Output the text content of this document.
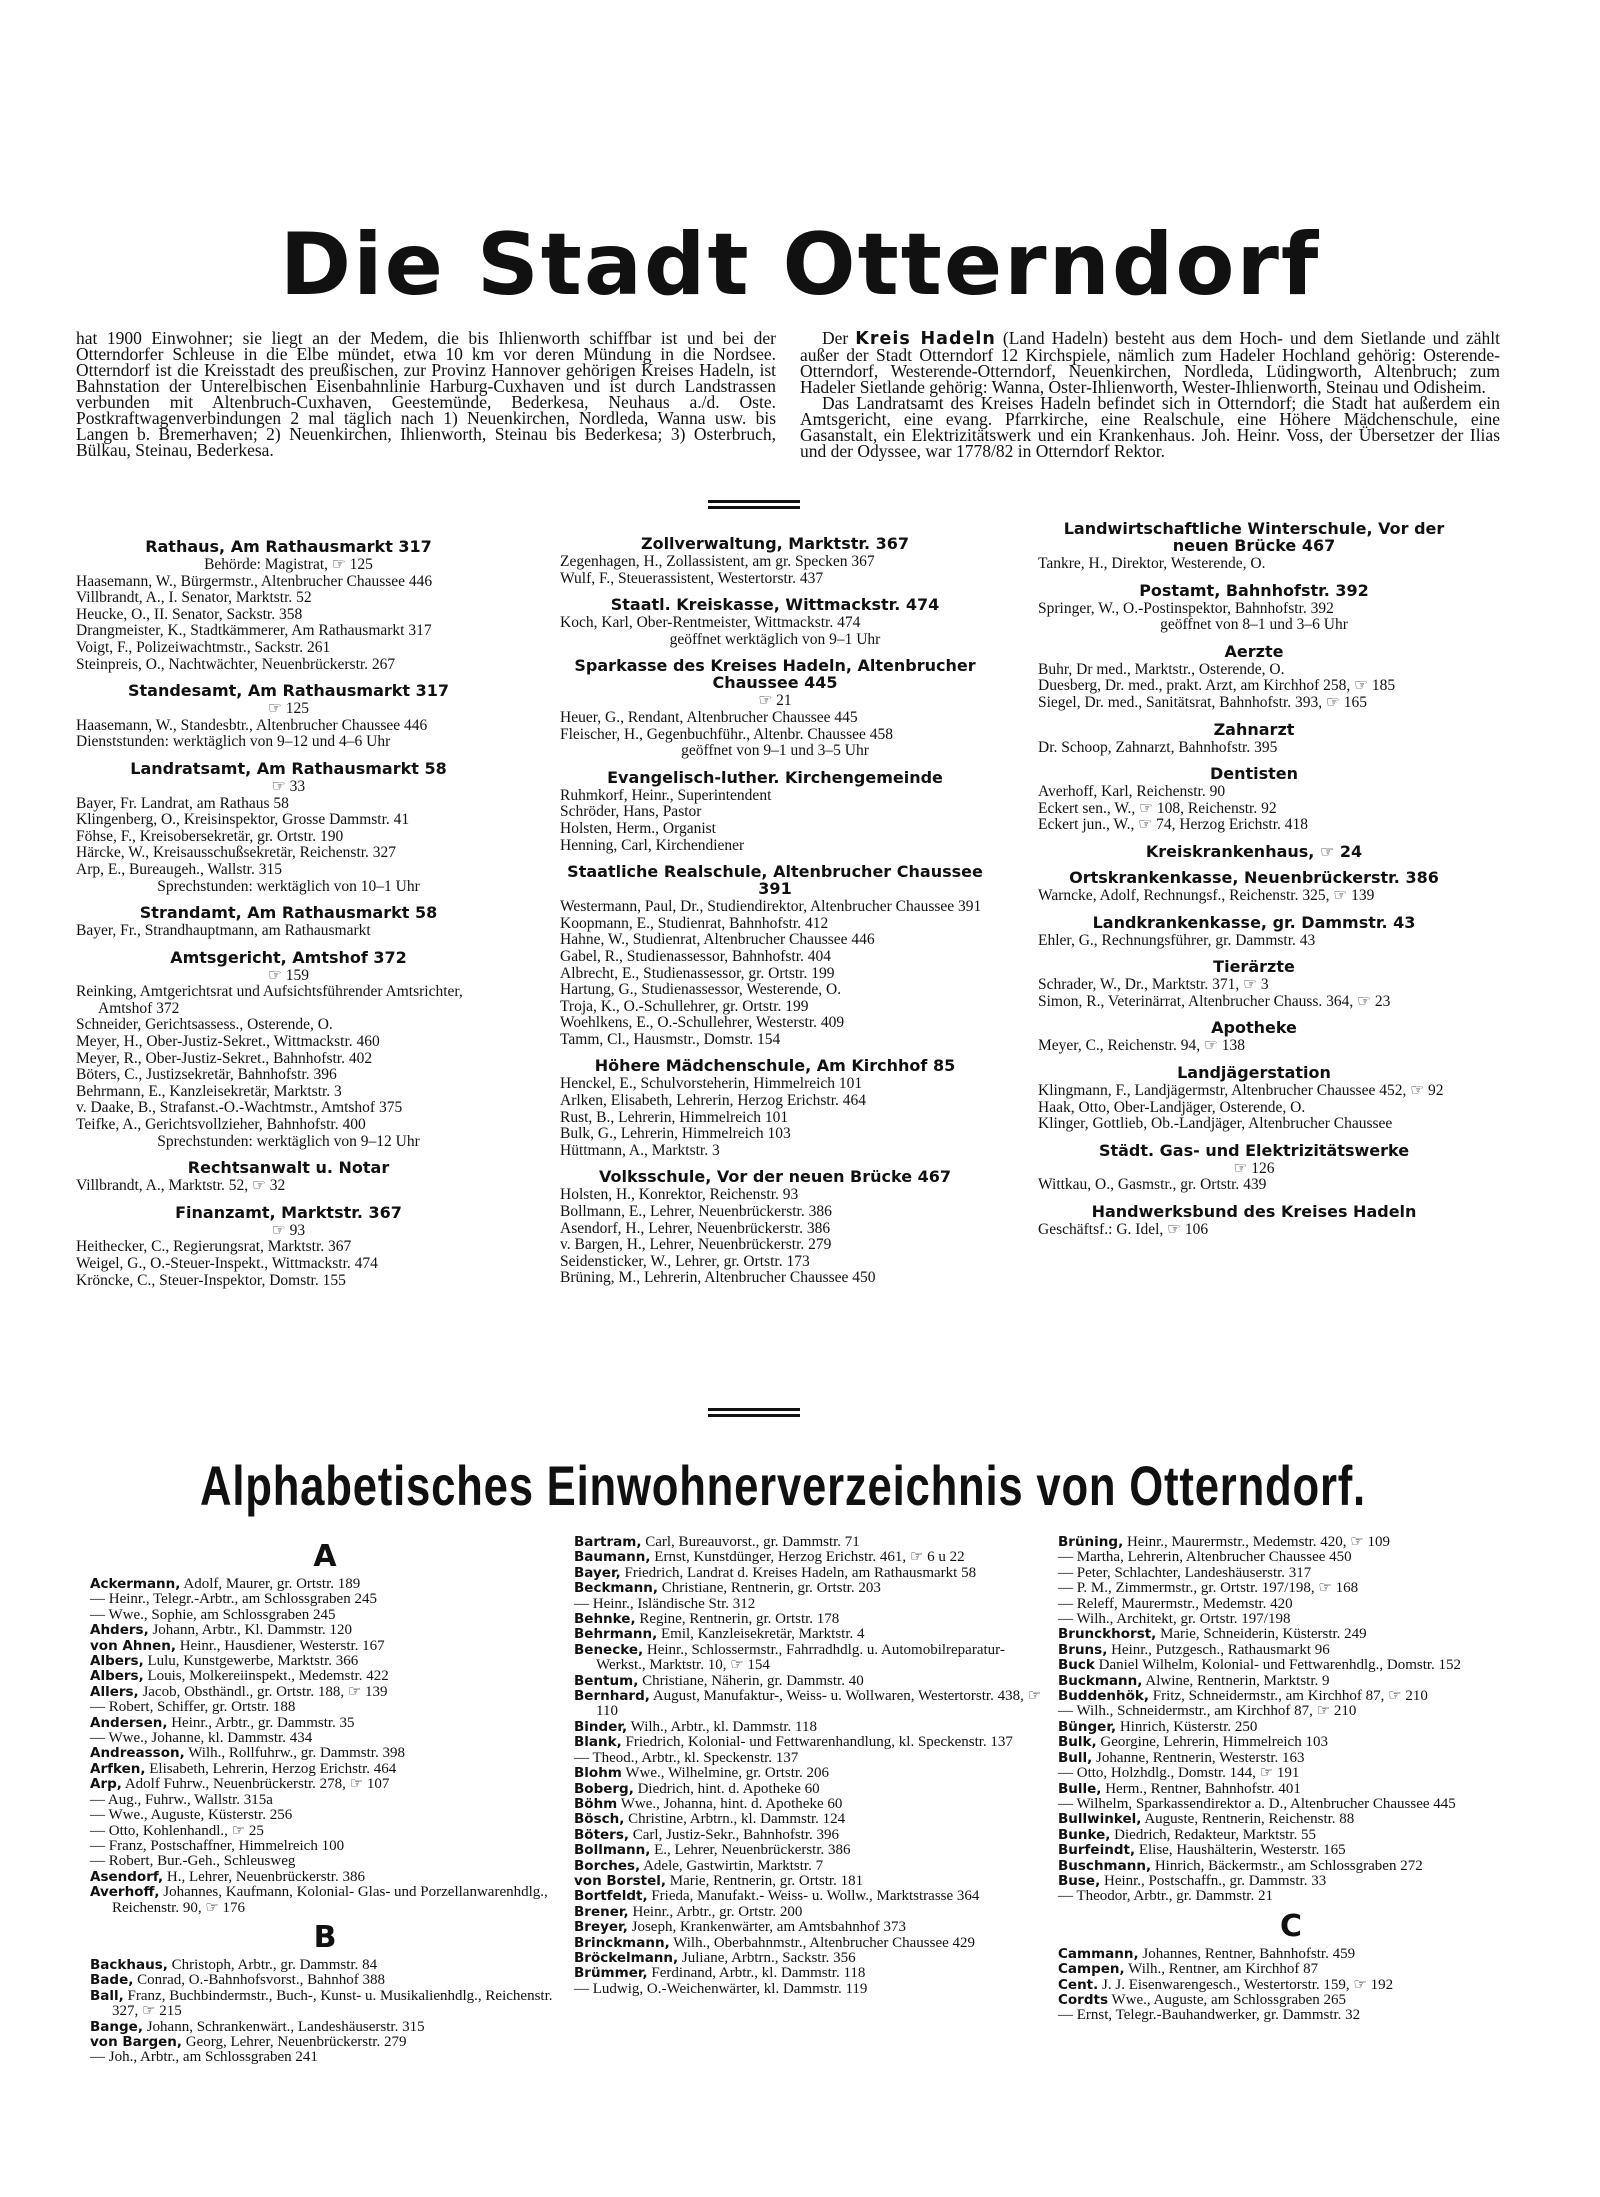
Die Stadt Otterndorf

hat 1900 Einwohner; sie liegt an der Medem, die bis Ihlienworth schiffbar ist und bei der Otterndorfer Schleuse in die Elbe mündet, etwa 10 km vor deren Mündung in die Nordsee. Otterndorf ist die Kreisstadt des preußischen, zur Provinz Hannover gehörigen Kreises Hadeln, ist Bahnstation der Unterelbischen Eisenbahnlinie Harburg-Cuxhaven und ist durch Landstrassen verbunden mit Altenbruch-Cuxhaven, Geestemünde, Bederkesa, Neuhaus a./d. Oste. Postkraftwagenverbindungen 2 mal täglich nach 1) Neuenkirchen, Nordleda, Wanna usw. bis Langen b. Bremerhaven; 2) Neuenkirchen, Ihlienworth, Steinau bis Bederkesa; 3) Osterbruch, Bülkau, Steinau, Bederkesa.

Der Kreis Hadeln (Land Hadeln) besteht aus dem Hoch- und dem Sietlande und zählt außer der Stadt Otterndorf 12 Kirchspiele, nämlich zum Hadeler Hochland gehörig: Osterende-Otterndorf, Westerende-Otterndorf, Neuenkirchen, Nordleda, Lüdingworth, Altenbruch; zum Hadeler Sietlande gehörig: Wanna, Oster-Ihlienworth, Wester-Ihlienworth, Steinau und Odisheim.

Das Landratsamt des Kreises Hadeln befindet sich in Otterndorf; die Stadt hat außerdem ein Amtsgericht, eine evang. Pfarrkirche, eine Realschule, eine Höhere Mädchenschule, eine Gasanstalt, ein Elektrizitätswerk und ein Krankenhaus. Joh. Heinr. Voss, der Übersetzer der Ilias und der Odyssee, war 1778/82 in Otterndorf Rektor.

Rathaus, Am Rathausmarkt 317

Behörde: Magistrat, ☞ 125

Haasemann, W., Bürgermstr., Altenbrucher Chaussee 446

Villbrandt, A., I. Senator, Marktstr. 52

Heucke, O., II. Senator, Sackstr. 358

Drangmeister, K., Stadtkämmerer, Am Rathausmarkt 317

Voigt, F., Polizeiwachtmstr., Sackstr. 261

Steinpreis, O., Nachtwächter, Neuenbrückerstr. 267

Standesamt, Am Rathausmarkt 317

☞ 125

Haasemann, W., Standesbtr., Altenbrucher Chaussee 446

Dienststunden: werktäglich von 9–12 und 4–6 Uhr

Landratsamt, Am Rathausmarkt 58

☞ 33

Bayer, Fr. Landrat, am Rathaus 58

Klingenberg, O., Kreisinspektor, Grosse Dammstr. 41

Föhse, F., Kreisobersekretär, gr. Ortstr. 190

Härcke, W., Kreisausschußsekretär, Reichenstr. 327

Arp, E., Bureaugeh., Wallstr. 315

Sprechstunden: werktäglich von 10–1 Uhr

Strandamt, Am Rathausmarkt 58

Bayer, Fr., Strandhauptmann, am Rathausmarkt

Amtsgericht, Amtshof 372

☞ 159

Reinking, Amtgerichtsrat und Aufsichtsführender Amtsrichter, Amtshof 372

Schneider, Gerichtsassess., Osterende, O.

Meyer, H., Ober-Justiz-Sekret., Wittmackstr. 460

Meyer, R., Ober-Justiz-Sekret., Bahnhofstr. 402

Böters, C., Justizsekretär, Bahnhofstr. 396

Behrmann, E., Kanzleisekretär, Marktstr. 3

v. Daake, B., Strafanst.-O.-Wachtmstr., Amtshof 375

Teifke, A., Gerichtsvollzieher, Bahnhofstr. 400

Sprechstunden: werktäglich von 9–12 Uhr

Rechtsanwalt u. Notar

Villbrandt, A., Marktstr. 52, ☞ 32

Finanzamt, Marktstr. 367

☞ 93

Heithecker, C., Regierungsrat, Marktstr. 367

Weigel, G., O.-Steuer-Inspekt., Wittmackstr. 474

Kröncke, C., Steuer-Inspektor, Domstr. 155

Zollverwaltung, Marktstr. 367

Zegenhagen, H., Zollassistent, am gr. Specken 367

Wulf, F., Steuerassistent, Westertorstr. 437

Staatl. Kreiskasse, Wittmackstr. 474

Koch, Karl, Ober-Rentmeister, Wittmackstr. 474

geöffnet werktäglich von 9–1 Uhr

Sparkasse des Kreises Hadeln, Altenbrucher Chaussee 445

☞ 21

Heuer, G., Rendant, Altenbrucher Chaussee 445

Fleischer, H., Gegenbuchführ., Altenbr. Chaussee 458

geöffnet von 9–1 und 3–5 Uhr

Evangelisch-luther. Kirchengemeinde

Ruhmkorf, Heinr., Superintendent

Schröder, Hans, Pastor

Holsten, Herm., Organist

Henning, Carl, Kirchendiener

Staatliche Realschule, Altenbrucher Chaussee 391

Westermann, Paul, Dr., Studiendirektor, Altenbrucher Chaussee 391

Koopmann, E., Studienrat, Bahnhofstr. 412

Hahne, W., Studienrat, Altenbrucher Chaussee 446

Gabel, R., Studienassessor, Bahnhofstr. 404

Albrecht, E., Studienassessor, gr. Ortstr. 199

Hartung, G., Studienassessor, Westerende, O.

Troja, K., O.-Schullehrer, gr. Ortstr. 199

Woehlkens, E., O.-Schullehrer, Westerstr. 409

Tamm, Cl., Hausmstr., Domstr. 154

Höhere Mädchenschule, Am Kirchhof 85

Henckel, E., Schulvorsteherin, Himmelreich 101

Arlken, Elisabeth, Lehrerin, Herzog Erichstr. 464

Rust, B., Lehrerin, Himmelreich 101

Bulk, G., Lehrerin, Himmelreich 103

Hüttmann, A., Marktstr. 3

Volksschule, Vor der neuen Brücke 467

Holsten, H., Konrektor, Reichenstr. 93

Bollmann, E., Lehrer, Neuenbrückerstr. 386

Asendorf, H., Lehrer, Neuenbrückerstr. 386

v. Bargen, H., Lehrer, Neuenbrückerstr. 279

Seidensticker, W., Lehrer, gr. Ortstr. 173

Brüning, M., Lehrerin, Altenbrucher Chaussee 450

Landwirtschaftliche Winterschule, Vor der neuen Brücke 467

Tankre, H., Direktor, Westerende, O.

Postamt, Bahnhofstr. 392

Springer, W., O.-Postinspektor, Bahnhofstr. 392

geöffnet von 8–1 und 3–6 Uhr

Aerzte

Buhr, Dr med., Marktstr., Osterende, O.

Duesberg, Dr. med., prakt. Arzt, am Kirchhof 258, ☞ 185

Siegel, Dr. med., Sanitätsrat, Bahnhofstr. 393, ☞ 165

Zahnarzt

Dr. Schoop, Zahnarzt, Bahnhofstr. 395

Dentisten

Averhoff, Karl, Reichenstr. 90

Eckert sen., W., ☞ 108, Reichenstr. 92

Eckert jun., W., ☞ 74, Herzog Erichstr. 418

Kreiskrankenhaus, ☞ 24

Ortskrankenkasse, Neuenbrückerstr. 386

Warncke, Adolf, Rechnungsf., Reichenstr. 325, ☞ 139

Landkrankenkasse, gr. Dammstr. 43

Ehler, G., Rechnungsführer, gr. Dammstr. 43

Tierärzte

Schrader, W., Dr., Marktstr. 371, ☞ 3

Simon, R., Veterinärrat, Altenbrucher Chauss. 364, ☞ 23

Apotheke

Meyer, C., Reichenstr. 94, ☞ 138

Landjägerstation

Klingmann, F., Landjägermstr, Altenbrucher Chaussee 452, ☞ 92

Haak, Otto, Ober-Landjäger, Osterende, O.

Klinger, Gottlieb, Ob.-Landjäger, Altenbrucher Chaussee

Städt. Gas- und Elektrizitätswerke

☞ 126

Wittkau, O., Gasmstr., gr. Ortstr. 439

Handwerksbund des Kreises Hadeln

Geschäftsf.: G. Idel, ☞ 106

Alphabetisches Einwohnerverzeichnis von Otterndorf.
A

Ackermann, Adolf, Maurer, gr. Ortstr. 189

— Heinr., Telegr.-Arbtr., am Schlossgraben 245

— Wwe., Sophie, am Schlossgraben 245

Ahders, Johann, Arbtr., Kl. Dammstr. 120

von Ahnen, Heinr., Hausdiener, Westerstr. 167

Albers, Lulu, Kunstgewerbe, Marktstr. 366

Albers, Louis, Molkereiinspekt., Medemstr. 422

Allers, Jacob, Obsthändl., gr. Ortstr. 188, ☞ 139

— Robert, Schiffer, gr. Ortstr. 188

Andersen, Heinr., Arbtr., gr. Dammstr. 35

— Wwe., Johanne, kl. Dammstr. 434

Andreasson, Wilh., Rollfuhrw., gr. Dammstr. 398

Arfken, Elisabeth, Lehrerin, Herzog Erichstr. 464

Arp, Adolf Fuhrw., Neuenbrückerstr. 278, ☞ 107

— Aug., Fuhrw., Wallstr. 315a

— Wwe., Auguste, Küsterstr. 256

— Otto, Kohlenhandl., ☞ 25

— Franz, Postschaffner, Himmelreich 100

— Robert, Bur.-Geh., Schleusweg

Asendorf, H., Lehrer, Neuenbrückerstr. 386

Averhoff, Johannes, Kaufmann, Kolonial- Glas- und Porzellanwarenhdlg., Reichenstr. 90, ☞ 176

B

Backhaus, Christoph, Arbtr., gr. Dammstr. 84

Bade, Conrad, O.-Bahnhofsvorst., Bahnhof 388

Ball, Franz, Buchbindermstr., Buch-, Kunst- u. Musikalienhdlg., Reichenstr. 327, ☞ 215

Bange, Johann, Schrankenwärt., Landeshäuserstr. 315

von Bargen, Georg, Lehrer, Neuenbrückerstr. 279

— Joh., Arbtr., am Schlossgraben 241

Bartram, Carl, Bureauvorst., gr. Dammstr. 71

Baumann, Ernst, Kunstdünger, Herzog Erichstr. 461, ☞ 6 u 22

Bayer, Friedrich, Landrat d. Kreises Hadeln, am Rathausmarkt 58

Beckmann, Christiane, Rentnerin, gr. Ortstr. 203

— Heinr., Isländische Str. 312

Behnke, Regine, Rentnerin, gr. Ortstr. 178

Behrmann, Emil, Kanzleisekretär, Marktstr. 4

Benecke, Heinr., Schlossermstr., Fahrradhdlg. u. Automobilreparatur-Werkst., Marktstr. 10, ☞ 154

Bentum, Christiane, Näherin, gr. Dammstr. 40

Bernhard, August, Manufaktur-, Weiss- u. Wollwaren, Westertorstr. 438, ☞ 110

Binder, Wilh., Arbtr., kl. Dammstr. 118

Blank, Friedrich, Kolonial- und Fettwarenhandlung, kl. Speckenstr. 137

— Theod., Arbtr., kl. Speckenstr. 137

Blohm Wwe., Wilhelmine, gr. Ortstr. 206

Boberg, Diedrich, hint. d. Apotheke 60

Böhm Wwe., Johanna, hint. d. Apotheke 60

Bösch, Christine, Arbtrn., kl. Dammstr. 124

Böters, Carl, Justiz-Sekr., Bahnhofstr. 396

Bollmann, E., Lehrer, Neuenbrückerstr. 386

Borches, Adele, Gastwirtin, Marktstr. 7

von Borstel, Marie, Rentnerin, gr. Ortstr. 181

Bortfeldt, Frieda, Manufakt.- Weiss- u. Wollw., Marktstrasse 364

Brener, Heinr., Arbtr., gr. Ortstr. 200

Breyer, Joseph, Krankenwärter, am Amtsbahnhof 373

Brinckmann, Wilh., Oberbahnmstr., Altenbrucher Chaussee 429

Bröckelmann, Juliane, Arbtrn., Sackstr. 356

Brümmer, Ferdinand, Arbtr., kl. Dammstr. 118

— Ludwig, O.-Weichenwärter, kl. Dammstr. 119

Brüning, Heinr., Maurermstr., Medemstr. 420, ☞ 109

— Martha, Lehrerin, Altenbrucher Chaussee 450

— Peter, Schlachter, Landeshäuserstr. 317

— P. M., Zimmermstr., gr. Ortstr. 197/198, ☞ 168

— Releff, Maurermstr., Medemstr. 420

— Wilh., Architekt, gr. Ortstr. 197/198

Brunckhorst, Marie, Schneiderin, Küsterstr. 249

Bruns, Heinr., Putzgesch., Rathausmarkt 96

Buck Daniel Wilhelm, Kolonial- und Fettwarenhdlg., Domstr. 152

Buckmann, Alwine, Rentnerin, Marktstr. 9

Buddenhök, Fritz, Schneidermstr., am Kirchhof 87, ☞ 210

— Wilh., Schneidermstr., am Kirchhof 87, ☞ 210

Bünger, Hinrich, Küsterstr. 250

Bulk, Georgine, Lehrerin, Himmelreich 103

Bull, Johanne, Rentnerin, Westerstr. 163

— Otto, Holzhdlg., Domstr. 144, ☞ 191

Bulle, Herm., Rentner, Bahnhofstr. 401

— Wilhelm, Sparkassendirektor a. D., Altenbrucher Chaussee 445

Bullwinkel, Auguste, Rentnerin, Reichenstr. 88

Bunke, Diedrich, Redakteur, Marktstr. 55

Burfeindt, Elise, Haushälterin, Westerstr. 165

Buschmann, Hinrich, Bäckermstr., am Schlossgraben 272

Buse, Heinr., Postschaffn., gr. Dammstr. 33

— Theodor, Arbtr., gr. Dammstr. 21

C

Cammann, Johannes, Rentner, Bahnhofstr. 459

Campen, Wilh., Rentner, am Kirchhof 87

Cent. J. J. Eisenwarengesch., Westertorstr. 159, ☞ 192

Cordts Wwe., Auguste, am Schlossgraben 265

— Ernst, Telegr.-Bauhandwerker, gr. Dammstr. 32
